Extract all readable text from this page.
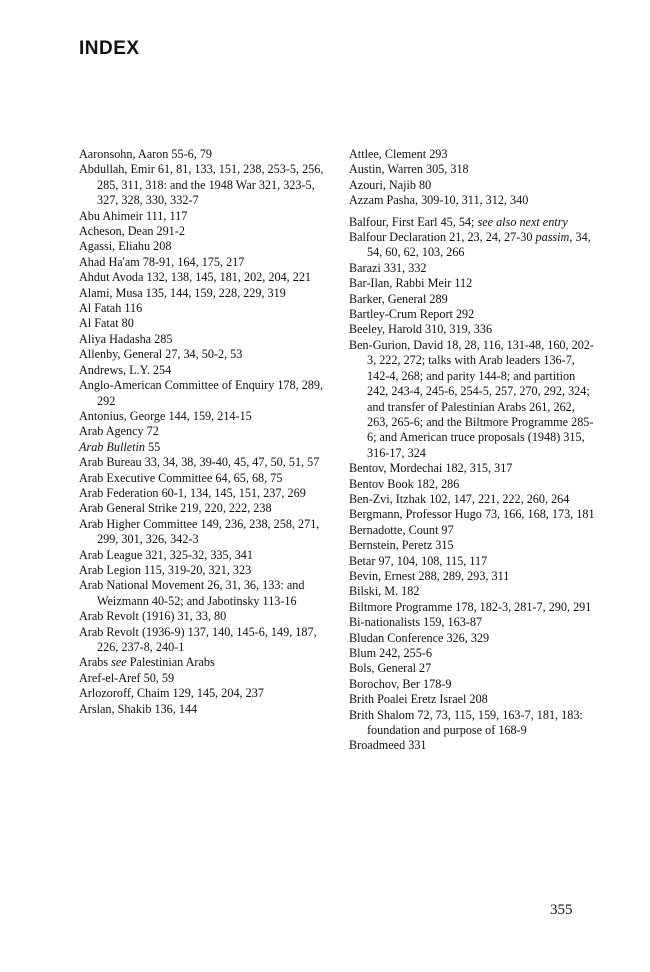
INDEX
Aaronsohn, Aaron 55-6, 79
Abdullah, Emir 61, 81, 133, 151, 238, 253-5, 256, 285, 311, 318: and the 1948 War 321, 323-5, 327, 328, 330, 332-7
Abu Ahimeir 111, 117
Acheson, Dean 291-2
Agassi, Eliahu 208
Ahad Ha'am 78-91, 164, 175, 217
Ahdut Avoda 132, 138, 145, 181, 202, 204, 221
Alami, Musa 135, 144, 159, 228, 229, 319
Al Fatah 116
Al Fatat 80
Aliya Hadasha 285
Allenby, General 27, 34, 50-2, 53
Andrews, L.Y. 254
Anglo-American Committee of Enquiry 178, 289, 292
Antonius, George 144, 159, 214-15
Arab Agency 72
Arab Bulletin 55
Arab Bureau 33, 34, 38, 39-40, 45, 47, 50, 51, 57
Arab Executive Committee 64, 65, 68, 75
Arab Federation 60-1, 134, 145, 151, 237, 269
Arab General Strike 219, 220, 222, 238
Arab Higher Committee 149, 236, 238, 258, 271, 299, 301, 326, 342-3
Arab League 321, 325-32, 335, 341
Arab Legion 115, 319-20, 321, 323
Arab National Movement 26, 31, 36, 133: and Weizmann 40-52; and Jabotinsky 113-16
Arab Revolt (1916) 31, 33, 80
Arab Revolt (1936-9) 137, 140, 145-6, 149, 187, 226, 237-8, 240-1
Arabs see Palestinian Arabs
Aref-el-Aref 50, 59
Arlozoroff, Chaim 129, 145, 204, 237
Arslan, Shakib 136, 144
Attlee, Clement 293
Austin, Warren 305, 318
Azouri, Najib 80
Azzam Pasha, 309-10, 311, 312, 340
Balfour, First Earl 45, 54; see also next entry
Balfour Declaration 21, 23, 24, 27-30 passim, 34, 54, 60, 62, 103, 266
Barazi 331, 332
Bar-Ilan, Rabbi Meir 112
Barker, General 289
Bartley-Crum Report 292
Beeley, Harold 310, 319, 336
Ben-Gurion, David 18, 28, 116, 131-48, 160, 202-3, 222, 272; talks with Arab leaders 136-7, 142-4, 268; and parity 144-8; and partition 242, 243-4, 245-6, 254-5, 257, 270, 292, 324; and transfer of Palestinian Arabs 261, 262, 263, 265-6; and the Biltmore Programme 285-6; and American truce proposals (1948) 315, 316-17, 324
Bentov, Mordechai 182, 315, 317
Bentov Book 182, 286
Ben-Zvi, Itzhak 102, 147, 221, 222, 260, 264
Bergmann, Professor Hugo 73, 166, 168, 173, 181
Bernadotte, Count 97
Bernstein, Peretz 315
Betar 97, 104, 108, 115, 117
Bevin, Ernest 288, 289, 293, 311
Bilski, M. 182
Biltmore Programme 178, 182-3, 281-7, 290, 291
Bi-nationalists 159, 163-87
Bludan Conference 326, 329
Blum 242, 255-6
Bols, General 27
Borochov, Ber 178-9
Brith Poalei Eretz Israel 208
Brith Shalom 72, 73, 115, 159, 163-7, 181, 183: foundation and purpose of 168-9
Broadmeed 331
355
